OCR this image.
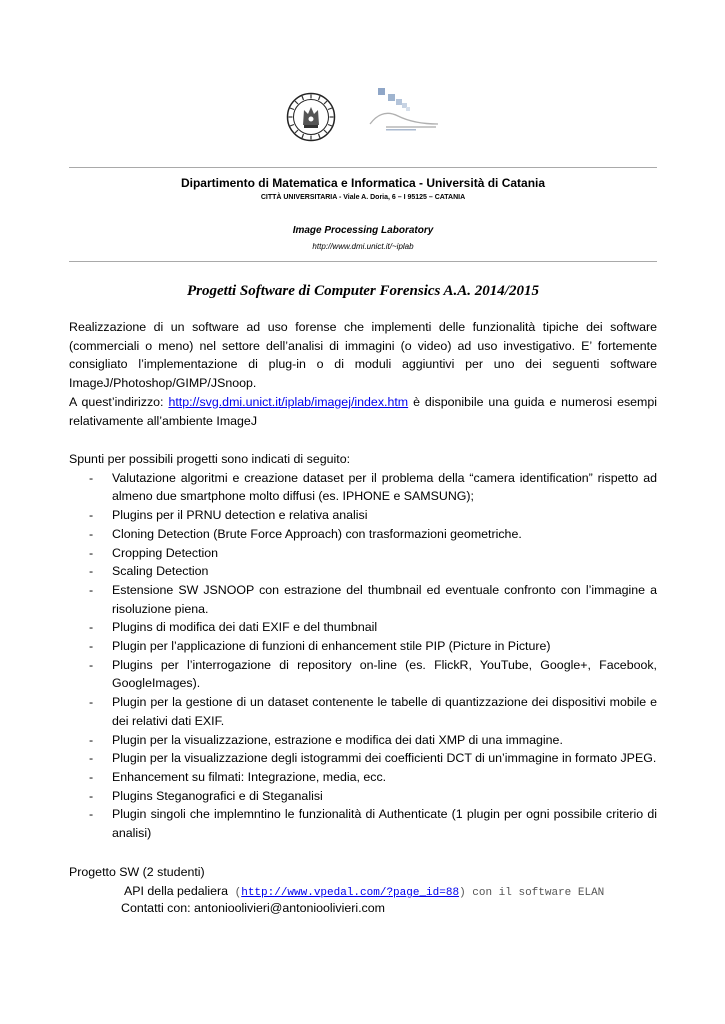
Dipartimento di Matematica e Informatica - Università di Catania
CITTÀ UNIVERSITARIA - Viale A. Doria, 6 – I 95125 – CATANIA
Image Processing Laboratory
http://www.dmi.unict.it/~iplab
Progetti Software di Computer Forensics A.A. 2014/2015

Realizzazione di un software ad uso forense che implementi delle funzionalità tipiche dei software (commerciali o meno) nel settore dell’analisi di immagini (o video) ad uso investigativo. E’ fortemente consigliato l’implementazione di plug-in o di moduli aggiuntivi per uno dei seguenti software ImageJ/Photoshop/GIMP/JSnoop.

A quest’indirizzo: http://svg.dmi.unict.it/iplab/imagej/index.htm è disponibile una guida e numerosi esempi relativamente all’ambiente ImageJ

Spunti per possibili progetti sono indicati di seguito:
- Valutazione algoritmi e creazione dataset per il problema della “camera identification” rispetto ad almeno due smartphone molto diffusi (es. IPHONE e SAMSUNG);
- Plugins per il PRNU detection e relativa analisi
- Cloning Detection (Brute Force Approach) con trasformazioni geometriche.
- Cropping Detection
- Scaling Detection
- Estensione SW JSNOOP con estrazione del thumbnail ed eventuale confronto con l’immagine a risoluzione piena.
- Plugins di modifica dei dati EXIF e del thumbnail
- Plugin per l’applicazione di funzioni di enhancement stile PIP (Picture in Picture)
- Plugins per l’interrogazione di repository on-line (es. FlickR, YouTube, Google+, Facebook, GoogleImages).
- Plugin per la gestione di un dataset contenente le tabelle di quantizzazione dei dispositivi mobile e dei relativi dati EXIF.
- Plugin per la visualizzazione, estrazione e modifica dei dati XMP di una immagine.
- Plugin per la visualizzazione degli istogrammi dei coefficienti DCT di un’immagine in formato JPEG.
- Enhancement su filmati: Integrazione, media, ecc.
- Plugins Steganografici e di Steganalisi
- Plugin singoli che implemntino le funzionalità di Authenticate (1 plugin per ogni possibile criterio di analisi)
Progetto SW (2 studenti)
API della pedaliera (http://www.vpedal.com/?page_id=88) con il software ELAN
Contatti con: antonioolivieri@antonioolivieri.com
